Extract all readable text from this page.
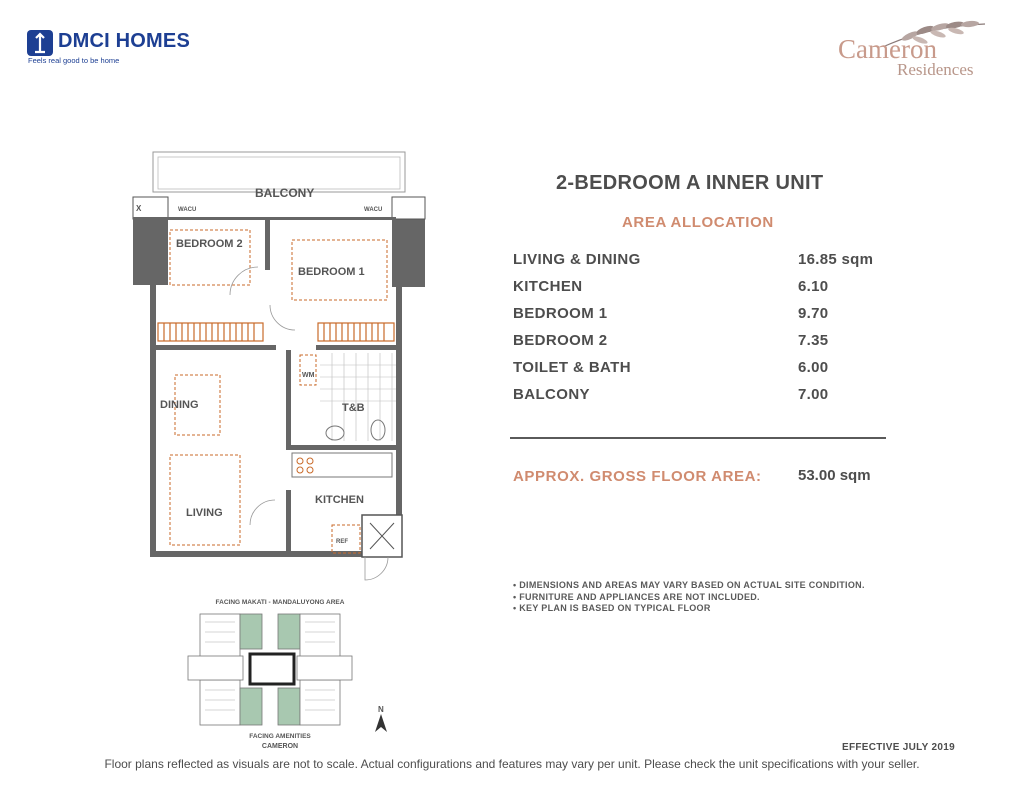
DMCI HOMES
Feels real good to be home	Cameron
Residences
BALCONY
BEDROOM 2
BEDROOM 1
DINING	T&B
KITCHEN
LIVING
WM
REF
WACU	WACU
X
2-BEDROOM A INNER UNIT
AREA ALLOCATION
LIVING & DINING	16.85 sqm
KITCHEN	6.10
BEDROOM 1	9.70
BEDROOM 2	7.35
TOILET & BATH	6.00
BALCONY	7.00
APPROX. GROSS FLOOR AREA: 53.00 sqm
• DIMENSIONS AND AREAS MAY VARY BASED ON ACTUAL SITE CONDITION.
• FURNITURE AND APPLIANCES ARE NOT INCLUDED.
• KEY PLAN IS BASED ON TYPICAL FLOOR
FACING MAKATI - MANDALUYONG AREA
FACING AMENITIES
CAMERON
N
EFFECTIVE JULY 2019
Floor plans reflected as visuals are not to scale. Actual configurations and features may vary per unit. Please check the unit specifications with your seller.
